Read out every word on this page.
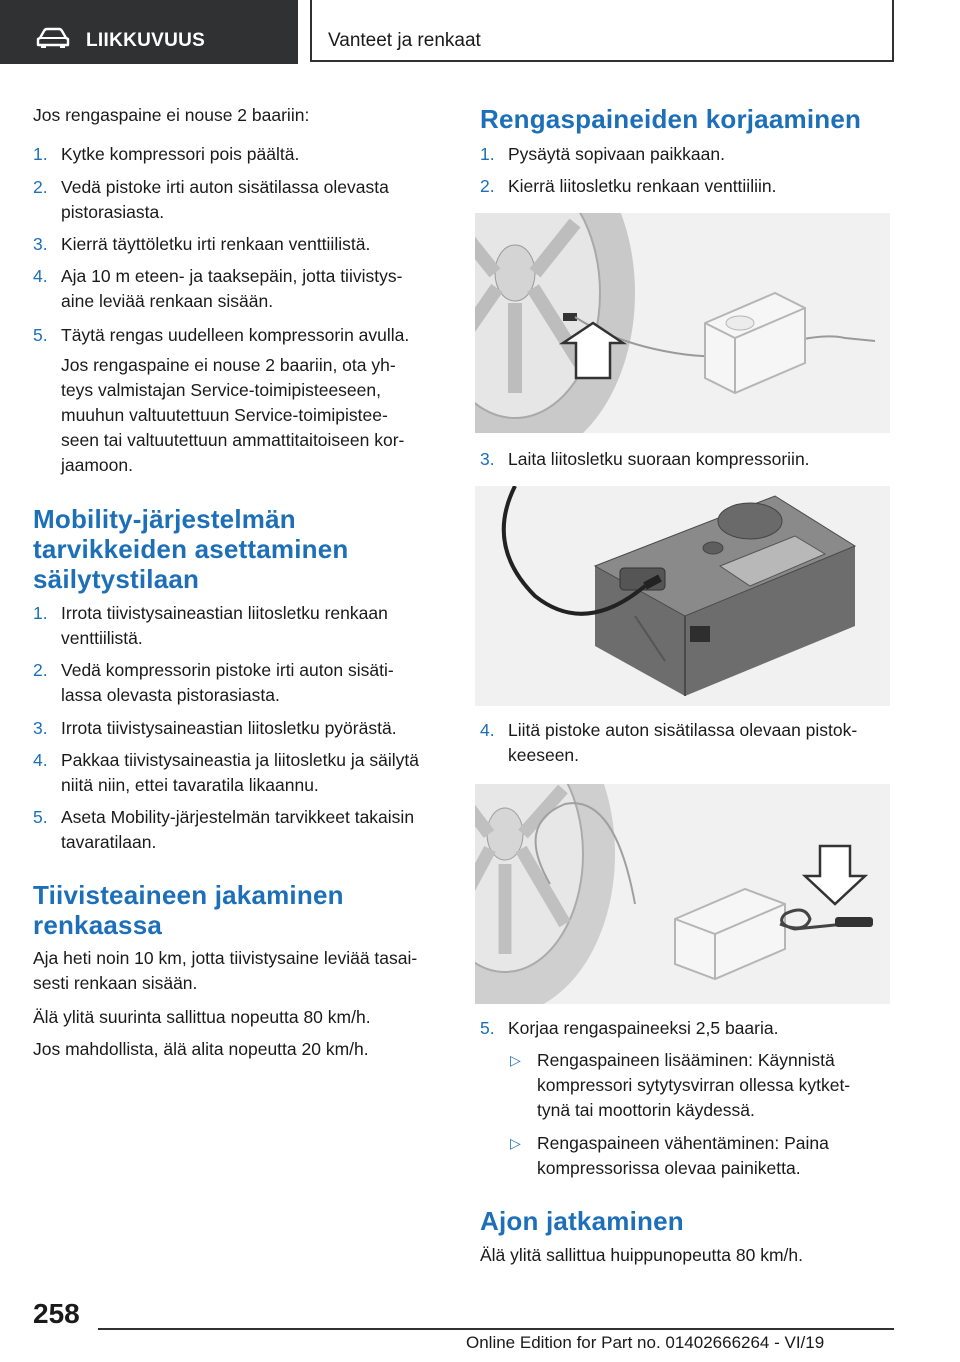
LIIKKUVUUS	Vanteet ja renkaat

Jos rengaspaine ei nouse 2 baariin:

1. Kytke kompressori pois päältä.
2. Vedä pistoke irti auton sisätilassa olevasta
pistorasiasta.
3. Kierrä täyttöletku irti renkaan venttiilistä.
4. Aja 10 m eteen- ja taaksepäin, jotta tiivistys-
aine leviää renkaan sisään.
5. Täytä rengas uudelleen kompressorin avulla.
Jos rengaspaine ei nouse 2 baariin, ota yh-
teys valmistajan Service-toimipisteeseen,
muuhun valtuutettuun Service-toimipistee-
seen tai valtuutettuun ammattitaitoiseen kor-
jaamoon.
Mobility-järjestelmän
tarvikkeiden asettaminen
säilytystilaan
1. Irrota tiivistysaineastian liitosletku renkaan
venttiilistä.
2. Vedä kompressorin pistoke irti auton sisäti-
lassa olevasta pistorasiasta.
3. Irrota tiivistysaineastian liitosletku pyörästä.
4. Pakkaa tiivistysaineastia ja liitosletku ja säilytä
niitä niin, ettei tavaratila likaannu.
5. Aseta Mobility-järjestelmän tarvikkeet takaisin
tavaratilaan.
Tiivisteaineen jakaminen
renkaassa

Aja heti noin 10 km, jotta tiivistysaine leviää tasai-
sesti renkaan sisään.

Älä ylitä suurinta sallittua nopeutta 80 km/h.

Jos mahdollista, älä alita nopeutta 20 km/h.

Rengaspaineiden korjaaminen
1. Pysäytä sopivaan paikkaan.
2. Kierrä liitosletku renkaan venttiiliin.
3. Laita liitosletku suoraan kompressoriin.
4. Liitä pistoke auton sisätilassa olevaan pistok-
keeseen.
5. Korjaa rengaspaineeksi 2,5 baaria.
▷ Rengaspaineen lisääminen: Käynnistä
kompressori sytytysvirran ollessa kytket-
tynä tai moottorin käydessä.
▷ Rengaspaineen vähentäminen: Paina
kompressorissa olevaa painiketta.
Ajon jatkaminen

Älä ylitä sallittua huippunopeutta 80 km/h.

258
Online Edition for Part no. 01402666264 - VI/19
